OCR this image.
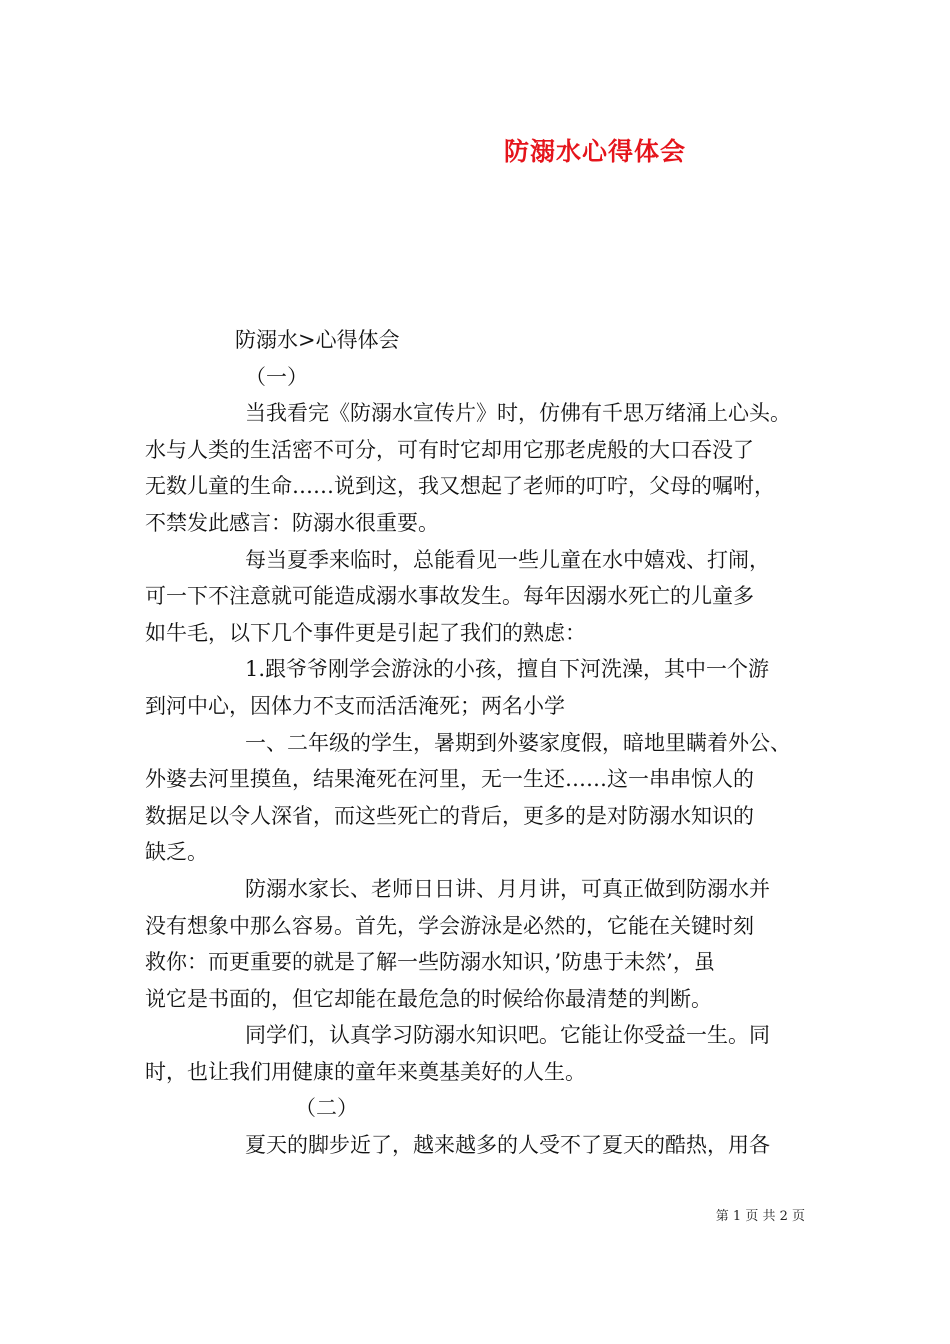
防溺水心得体会
防溺水>心得体会
（一）
当我看完《防溺水宣传片》时，仿佛有千思万绪涌上心头。
水与人类的生活密不可分，可有时它却用它那老虎般的大口吞没了
无数儿童的生命……说到这，我又想起了老师的叮咛，父母的嘱咐，
不禁发此感言：防溺水很重要。
每当夏季来临时，总能看见一些儿童在水中嬉戏、打闹，
可一下不注意就可能造成溺水事故发生。每年因溺水死亡的儿童多
如牛毛，以下几个事件更是引起了我们的熟虑：
1.跟爷爷刚学会游泳的小孩，擅自下河洗澡，其中一个游
到河中心，因体力不支而活活淹死；两名小学
一、二年级的学生，暑期到外婆家度假，暗地里瞒着外公、
外婆去河里摸鱼，结果淹死在河里，无一生还……这一串串惊人的
数据足以令人深省，而这些死亡的背后，更多的是对防溺水知识的
缺乏。
防溺水家长、老师日日讲、月月讲，可真正做到防溺水并
没有想象中那么容易。首先，学会游泳是必然的，它能在关键时刻
救你：而更重要的就是了解一些防溺水知识，’防患于未然’，虽
说它是书面的，但它却能在最危急的时候给你最清楚的判断。
同学们，认真学习防溺水知识吧。它能让你受益一生。同
时，也让我们用健康的童年来奠基美好的人生。
（二）
夏天的脚步近了，越来越多的人受不了夏天的酷热，用各
第 1 页 共 2 页
